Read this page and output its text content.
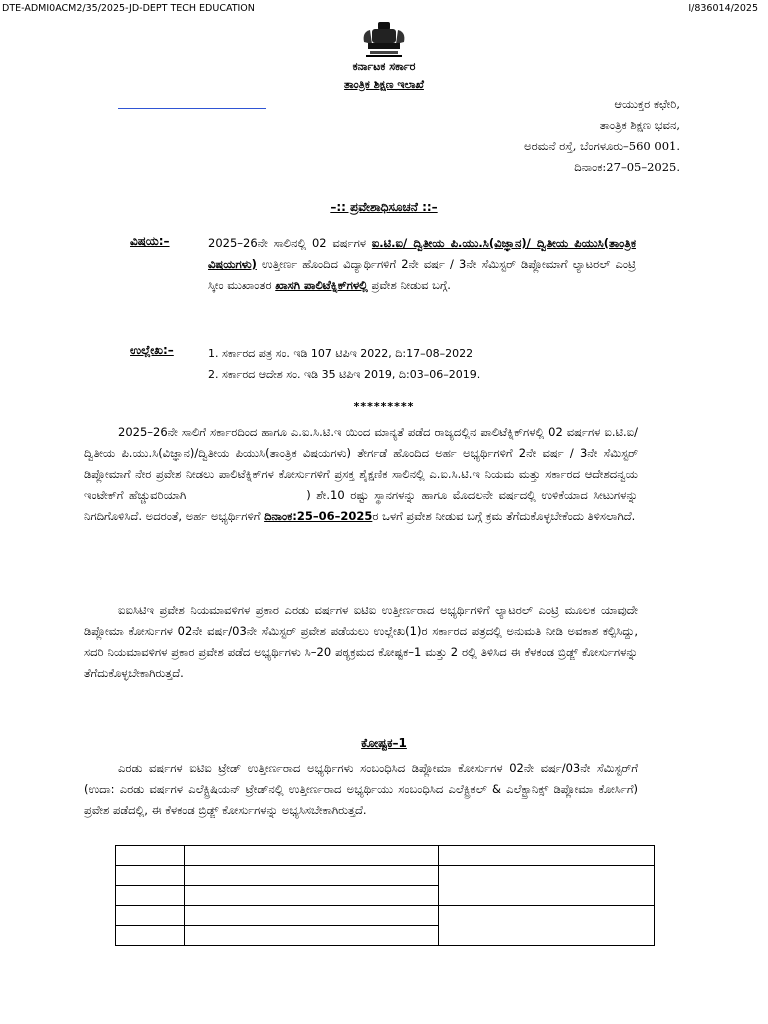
DTE-ADMI0ACM2/35/2025-JD-DEPT TECH EDUCATION	I/836014/2025
ಕರ್ನಾಟಕ ಸರ್ಕಾರ
ತಾಂತ್ರಿಕ ಶಿಕ್ಷಣ ಇಲಾಖೆ
ಆಯುಕ್ತರ ಕಛೇರಿ,
ತಾಂತ್ರಿಕ ಶಿಕ್ಷಣ ಭವನ,
ಅರಮನೆ ರಸ್ತೆ, ಬೆಂಗಳೂರು–560 001.
ದಿನಾಂಕ:27–05–2025.
–:: ಪ್ರವೇಶಾಧಿಸೂಚನೆ ::–
ವಿಷಯ:–	2025–26ನೇ ಸಾಲಿನಲ್ಲಿ 02 ವರ್ಷಗಳ ಐ.ಟಿ.ಐ/ ದ್ವಿತೀಯ ಪಿ.ಯು.ಸಿ(ವಿಜ್ಞಾನ)/ ದ್ವಿತೀಯ ಪಿಯುಸಿ(ತಾಂತ್ರಿಕ ವಿಷಯಗಳು) ಉತ್ತೀರ್ಣ ಹೊಂದಿದ ವಿದ್ಯಾರ್ಥಿಗಳಿಗೆ 2ನೇ ವರ್ಷ / 3ನೇ ಸೆಮಿಸ್ಟರ್ ಡಿಪ್ಲೋಮಾಗೆ ಲ್ಯಾಟರಲ್ ಎಂಟ್ರಿ ಸ್ಕೀಂ ಮುಖಾಂತರ ಖಾಸಗಿ ಪಾಲಿಟೆಕ್ನಿಕ್‌ಗಳಲ್ಲಿ ಪ್ರವೇಶ ನೀಡುವ ಬಗ್ಗೆ.
ಉಲ್ಲೇಖ:–	1. ಸರ್ಕಾರದ ಪತ್ರ ಸಂ. ಇಡಿ 107 ಟಿಪಿಇ 2022, ದಿ:17–08–2022
2. ಸರ್ಕಾರದ ಆದೇಶ ಸಂ. ಇಡಿ 35 ಟಿಪಿಇ 2019, ದಿ:03–06–2019.
*********
2025–26ನೇ ಸಾಲಿಗೆ ಸರ್ಕಾರದಿಂದ ಹಾಗೂ ಎ.ಐ.ಸಿ.ಟಿ.ಇ ಯಿಂದ ಮಾನ್ಯತೆ ಪಡೆದ ರಾಜ್ಯದಲ್ಲಿನ ಪಾಲಿಟೆಕ್ನಿಕ್‌ಗಳಲ್ಲಿ 02 ವರ್ಷಗಳ ಐ.ಟಿ.ಐ/ದ್ವಿತೀಯ ಪಿ.ಯು.ಸಿ(ವಿಜ್ಞಾನ)/ದ್ವಿತೀಯ ಪಿಯುಸಿ(ತಾಂತ್ರಿಕ ವಿಷಯಗಳು) ತೇರ್ಗಡೆ ಹೊಂದಿದ ಅರ್ಹ ಅಭ್ಯರ್ಥಿಗಳಿಗೆ 2ನೇ ವರ್ಷ / 3ನೇ ಸೆಮಿಸ್ಟರ್ ಡಿಪ್ಲೋಮಾಗೆ ನೇರ ಪ್ರವೇಶ ನೀಡಲು ಪಾಲಿಟೆಕ್ನಿಕ್‌ಗಳ ಕೋರ್ಸುಗಳಿಗೆ ಪ್ರಸಕ್ತ ಶೈಕ್ಷಣಿಕ ಸಾಲಿನಲ್ಲಿ ಎ.ಐ.ಸಿ.ಟಿ.ಇ ನಿಯಮ ಮತ್ತು ಸರ್ಕಾರದ ಆದೇಶದನ್ವಯ ಇಂಟೇಕ್‌ಗೆ ಹೆಚ್ಚುವರಿಯಾಗಿ	) ಶೇ.10 ರಷ್ಟು ಸ್ಥಾನಗಳನ್ನು ಹಾಗೂ ಮೊದಲನೇ ವರ್ಷದಲ್ಲಿ ಉಳಿಕೆಯಾದ ಸೀಟುಗಳನ್ನು ನಿಗದಿಗೊಳಿಸಿದೆ. ಅದರಂತೆ, ಅರ್ಹ ಅಭ್ಯರ್ಥಿಗಳಿಗೆ ದಿನಾಂಕ:25–06–2025ರ ಒಳಗೆ ಪ್ರವೇಶ ನೀಡುವ ಬಗ್ಗೆ ಕ್ರಮ ತೆಗೆದುಕೊಳ್ಳಬೇಕೆಂದು ತಿಳಿಸಲಾಗಿದೆ.
ಐಐಸಿಟಿಇ ಪ್ರವೇಶ ನಿಯಮಾವಳಿಗಳ ಪ್ರಕಾರ ಎರಡು ವರ್ಷಗಳ ಐಟಿಐ ಉತ್ತೀರ್ಣರಾದ ಅಭ್ಯರ್ಥಿಗಳಿಗೆ ಲ್ಯಾಟರಲ್ ಎಂಟ್ರಿ ಮೂಲಕ ಯಾವುದೇ ಡಿಪ್ಲೋಮಾ ಕೋರ್ಸುಗಳ 02ನೇ ವರ್ಷ/03ನೇ ಸೆಮಿಸ್ಟರ್ ಪ್ರವೇಶ ಪಡೆಯಲು ಉಲ್ಲೇಖ(1)ರ ಸರ್ಕಾರದ ಪತ್ರದಲ್ಲಿ ಅನುಮತಿ ನೀಡಿ ಅವಕಾಶ ಕಲ್ಪಿಸಿದ್ದು, ಸದರಿ ನಿಯಮಾವಳಿಗಳ ಪ್ರಕಾರ ಪ್ರವೇಶ ಪಡೆದ ಅಭ್ಯರ್ಥಿಗಳು ಸಿ–20 ಪಠ್ಯಕ್ರಮದ ಕೋಷ್ಟಕ–1 ಮತ್ತು 2 ರಲ್ಲಿ ತಿಳಿಸಿದ ಈ ಕೆಳಕಂಡ ಬ್ರಿಡ್ಜ್ ಕೋರ್ಸುಗಳನ್ನು ತೆಗೆದುಕೊಳ್ಳಬೇಕಾಗಿರುತ್ತದೆ.
ಕೋಷ್ಟಕ–1
ಎರಡು ವರ್ಷಗಳ ಐಟಿಐ ಟ್ರೇಡ್ ಉತ್ತೀರ್ಣರಾದ ಅಭ್ಯರ್ಥಿಗಳು ಸಂಬಂಧಿಸಿದ ಡಿಪ್ಲೋಮಾ ಕೋರ್ಸುಗಳ 02ನೇ ವರ್ಷ/03ನೇ ಸೆಮಿಸ್ಟರ್‌ಗೆ (ಉದಾ: ಎರಡು ವರ್ಷಗಳ ಎಲೆಕ್ಟ್ರಿಷಿಯನ್ ಟ್ರೇಡ್‌ನಲ್ಲಿ ಉತ್ತೀರ್ಣರಾದ ಅಭ್ಯರ್ಥಿಯು ಸಂಬಂಧಿಸಿದ ಎಲೆಕ್ಟ್ರಿಕಲ್ & ಎಲೆಕ್ಟ್ರಾನಿಕ್ಸ್ ಡಿಪ್ಲೋಮಾ ಕೋರ್ಸಿಗೆ) ಪ್ರವೇಶ ಪಡೆದಲ್ಲಿ, ಈ ಕೆಳಕಂಡ ಬ್ರಿಡ್ಜ್ ಕೋರ್ಸುಗಳನ್ನು ಅಭ್ಯಸಿಸಬೇಕಾಗಿರುತ್ತದೆ.
